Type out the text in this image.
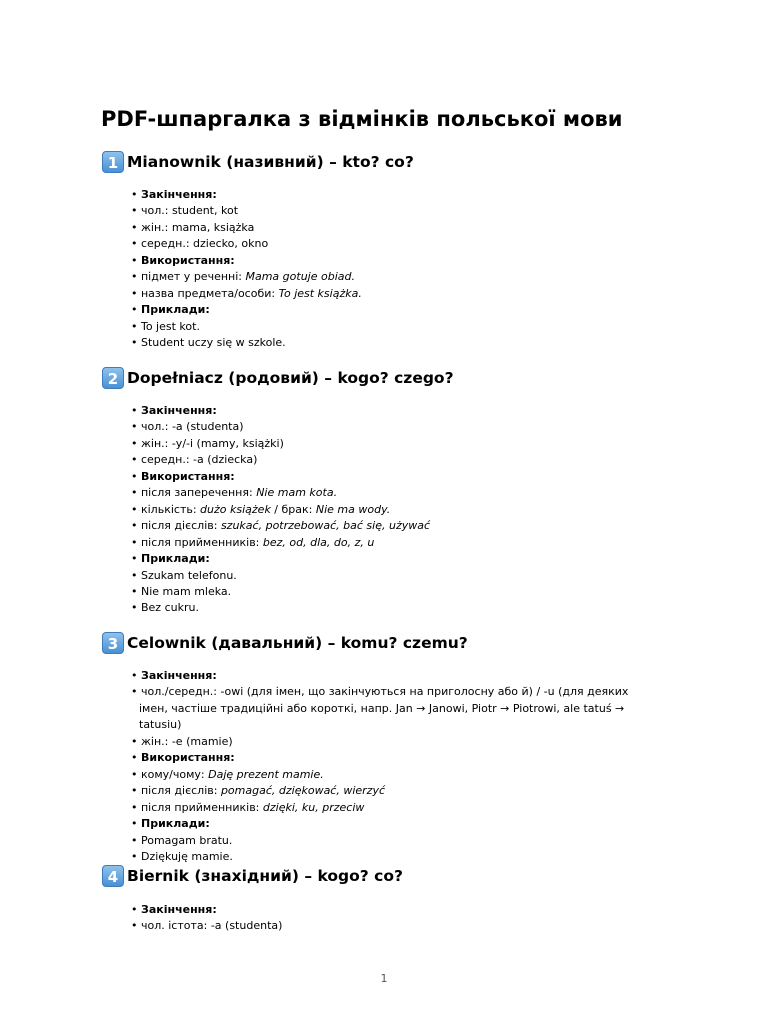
PDF-шпаргалка з відмінків польської мови
1 Mianownik (називний) – kto? co?
• Закінчення:
• чол.: student, kot
• жін.: mama, książka
• середн.: dziecko, okno
• Використання:
• підмет у реченні: Mama gotuje obiad.
• назва предмета/особи: To jest książka.
• Приклади:
• To jest kot.
• Student uczy się w szkole.
2 Dopełniacz (родовий) – kogo? czego?
• Закінчення:
• чол.: -a (studenta)
• жін.: -y/-i (mamy, książki)
• середн.: -a (dziecka)
• Використання:
• після заперечення: Nie mam kota.
• кількість: dużo książek / брак: Nie ma wody.
• після дієслів: szukać, potrzebować, bać się, używać
• після прийменників: bez, od, dla, do, z, u
• Приклади:
• Szukam telefonu.
• Nie mam mleka.
• Bez cukru.
3 Celownik (давальний) – komu? czemu?
• Закінчення:
• чол./середн.: -owi (для імен, що закінчуються на приголосну або й) / -u (для деяких імен, частіше традиційні або короткі, напр. Jan → Janowi, Piotr → Piotrowi, ale tatuś → tatusiu)
• жін.: -e (mamie)
• Використання:
• кому/чому: Daję prezent mamie.
• після дієслів: pomagać, dziękować, wierzyć
• після прийменників: dzięki, ku, przeciw
• Приклади:
• Pomagam bratu.
• Dziękuję mamie.
4 Biernik (знахідний) – kogo? co?
• Закінчення:
• чол. істота: -a (studenta)
1
